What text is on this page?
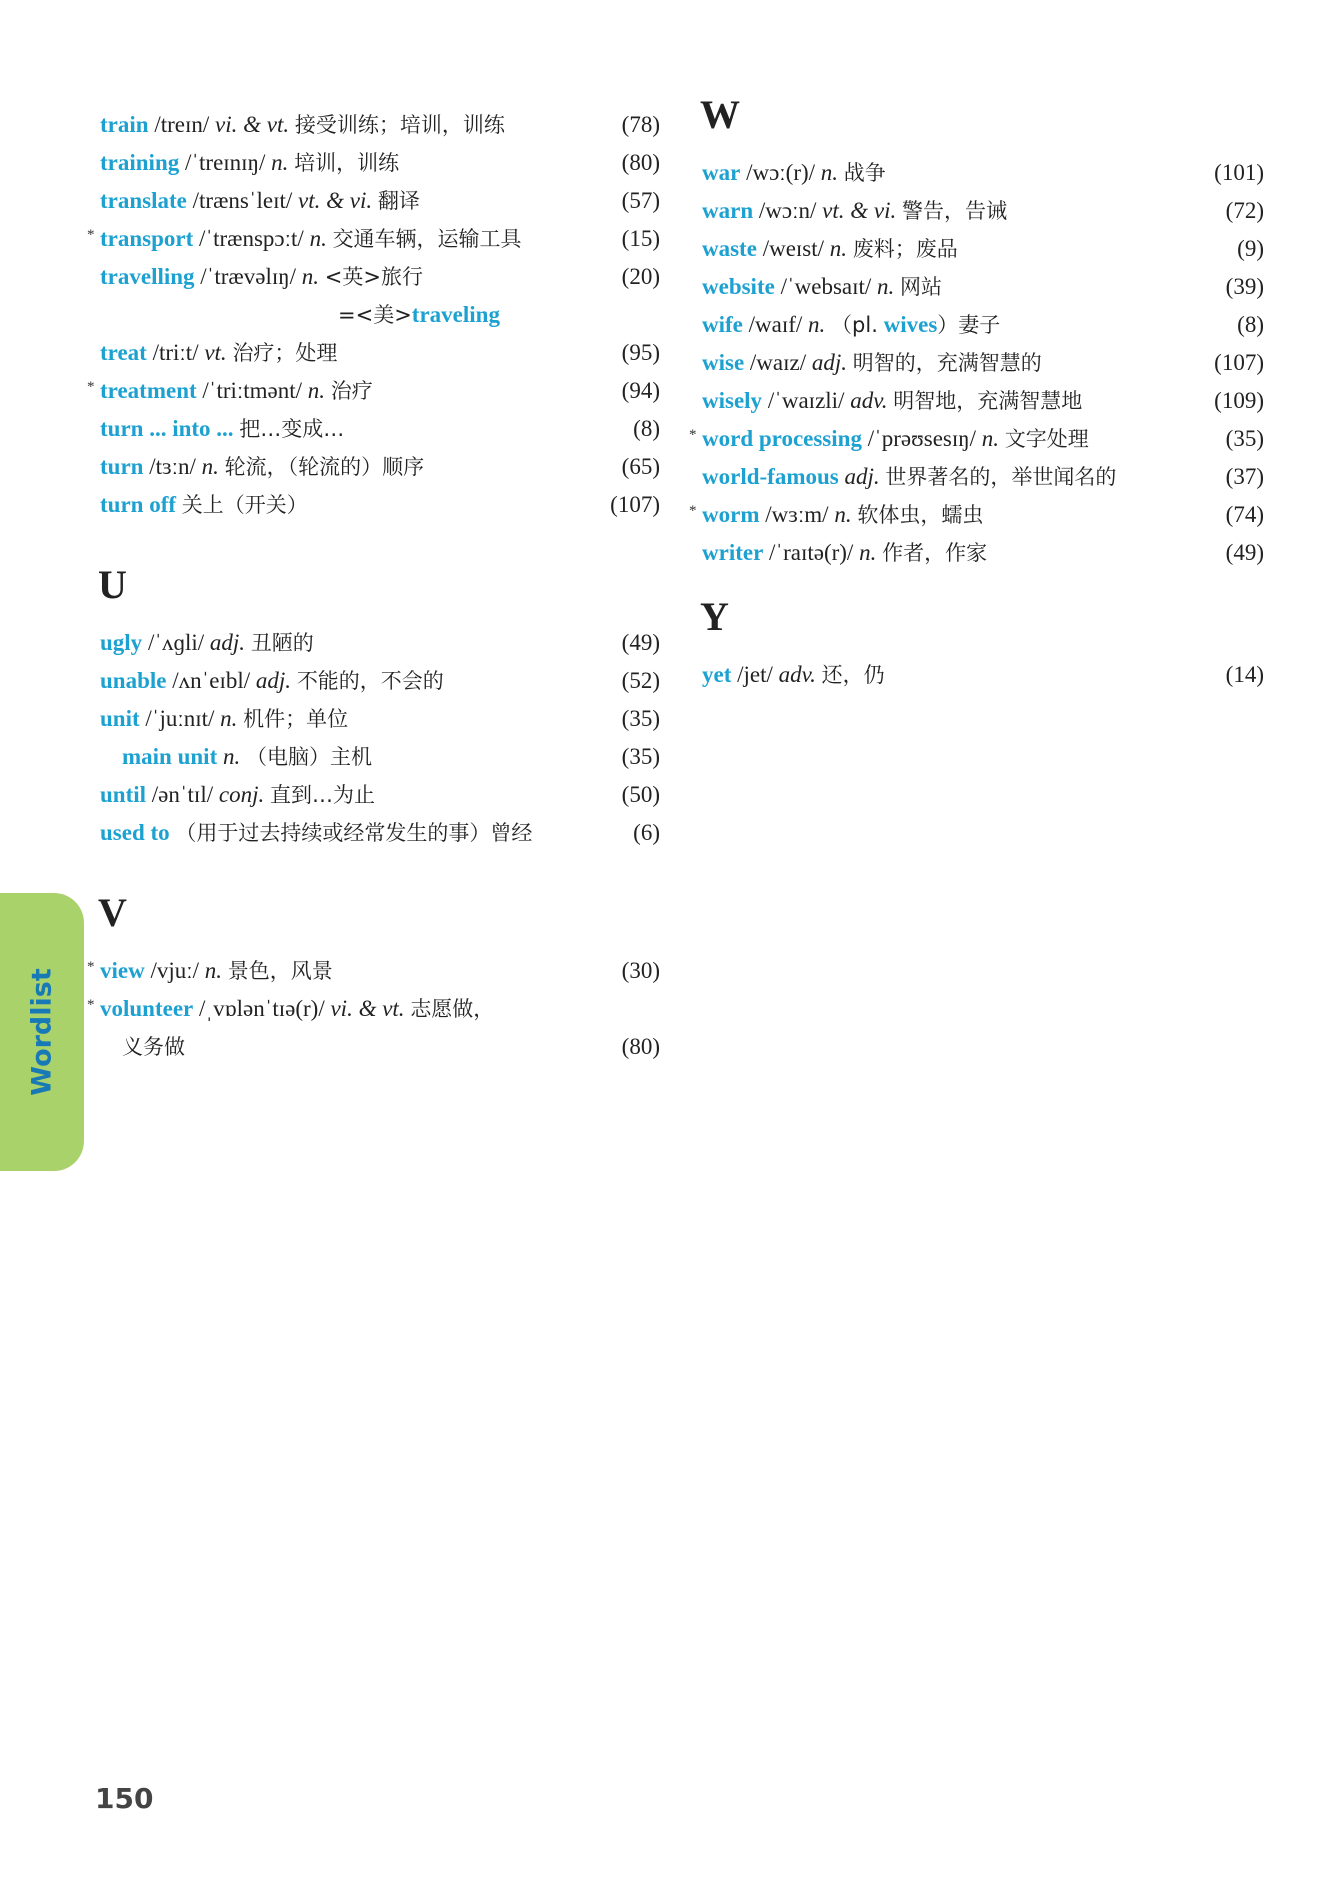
train /treɪn/ vi. & vt. 接受训练；培训，训练	(78)
training /ˈtreɪnɪŋ/ n. 培训，训练	(80)
translate /trænsˈleɪt/ vt. & vi. 翻译	(57)
* transport /ˈtrænspɔːt/ n. 交通车辆，运输工具	(15)
travelling /ˈtrævəlɪŋ/ n. <英>旅行	(20)
=<美>traveling
treat /triːt/ vt. 治疗；处理	(95)
* treatment /ˈtriːtmənt/ n. 治疗	(94)
turn ... into ... 把…变成…	(8)
turn /tɜːn/ n. 轮流，（轮流的）顺序	(65)
turn off 关上（开关）	(107)
U
ugly /ˈʌɡli/ adj. 丑陋的	(49)
unable /ʌnˈeɪbl/ adj. 不能的，不会的	(52)
unit /ˈjuːnɪt/ n. 机件；单位	(35)
main unit n. （电脑）主机	(35)
until /ənˈtɪl/ conj. 直到…为止	(50)
used to （用于过去持续或经常发生的事）曾经	(6)
V
* view /vjuː/ n. 景色，风景	(30)
* volunteer /ˌvɒlənˈtɪə(r)/ vi. & vt. 志愿做，
义务做	(80)
W
war /wɔː(r)/ n. 战争	(101)
warn /wɔːn/ vt. & vi. 警告，告诫	(72)
waste /weɪst/ n. 废料；废品	(9)
website /ˈwebsaɪt/ n. 网站	(39)
wife /waɪf/ n. （pl. wives）妻子	(8)
wise /waɪz/ adj. 明智的，充满智慧的	(107)
wisely /ˈwaɪzli/ adv. 明智地，充满智慧地	(109)
* word processing /ˈprəʊsesɪŋ/ n. 文字处理	(35)
world-famous adj. 世界著名的，举世闻名的	(37)
* worm /wɜːm/ n. 软体虫，蠕虫	(74)
writer /ˈraɪtə(r)/ n. 作者，作家	(49)
Y
yet /jet/ adv. 还，仍	(14)
Wordlist
150
